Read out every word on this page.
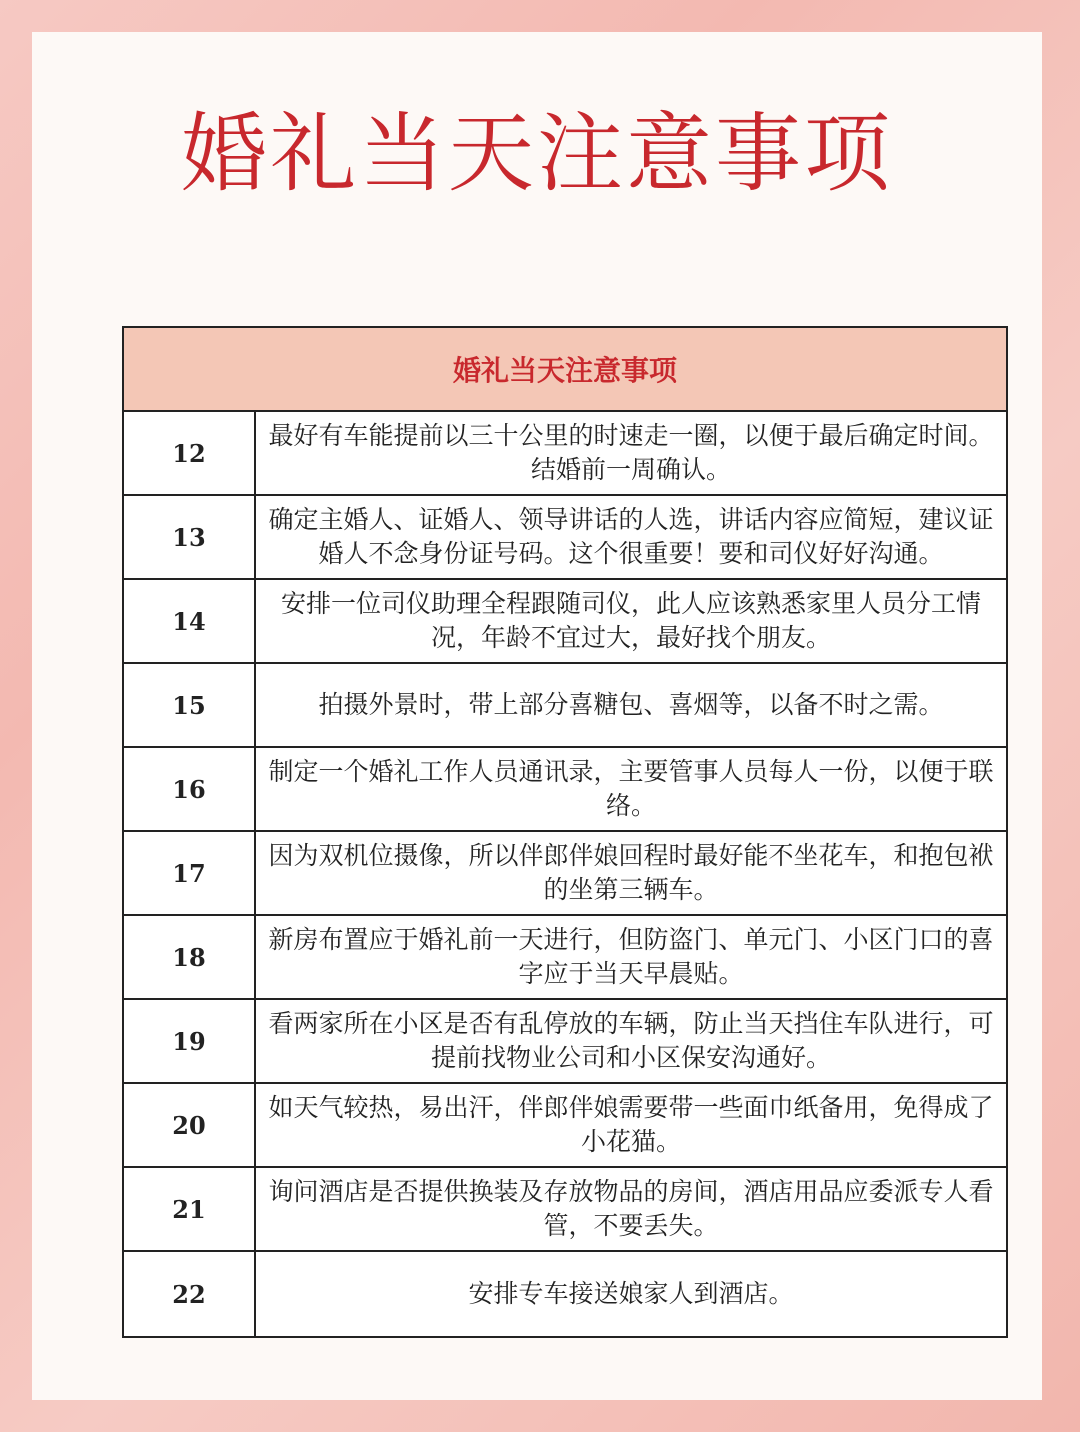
婚礼当天注意事项
婚礼当天注意事项
12
最好有车能提前以三十公里的时速走一圈，以便于最后确定时间。结婚前一周确认。
13
确定主婚人、证婚人、领导讲话的人选，讲话内容应简短，建议证婚人不念身份证号码。这个很重要！要和司仪好好沟通。
14
安排一位司仪助理全程跟随司仪，此人应该熟悉家里人员分工情况，年龄不宜过大，最好找个朋友。
15	拍摄外景时，带上部分喜糖包、喜烟等，以备不时之需。
16
制定一个婚礼工作人员通讯录，主要管事人员每人一份，以便于联络。
17
因为双机位摄像，所以伴郎伴娘回程时最好能不坐花车，和抱包袱的坐第三辆车。
18
新房布置应于婚礼前一天进行，但防盗门、单元门、小区门口的喜字应于当天早晨贴。
19
看两家所在小区是否有乱停放的车辆，防止当天挡住车队进行，可提前找物业公司和小区保安沟通好。
20
如天气较热，易出汗，伴郎伴娘需要带一些面巾纸备用，免得成了小花猫。
21
询问酒店是否提供换装及存放物品的房间，酒店用品应委派专人看管，不要丢失。
22	安排专车接送娘家人到酒店。
